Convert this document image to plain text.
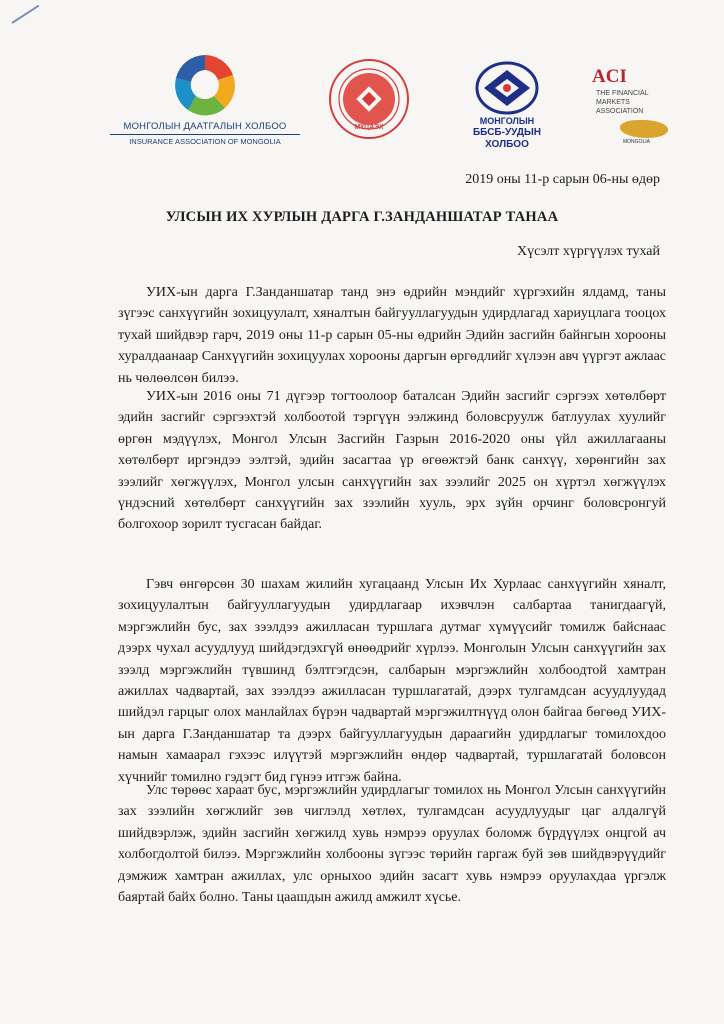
МОНГОЛЫН ДААТГАЛЫН ХОЛБОО
INSURANCE ASSOCIATION OF MONGOLIA
МҮЦАЭХ
МОНГОЛЫН
ББСБ-УУДЫН
ХОЛБОО
ACI
THE FINANCIAL MARKETS ASSOCIATION
MONGOLIA
2019 оны 11-р сарын 06-ны өдөр
УЛСЫН ИХ ХУРЛЫН ДАРГА Г.ЗАНДАНШАТАР ТАНАА
Хүсэлт хүргүүлэх тухай

УИХ-ын дарга Г.Занданшатар танд энэ өдрийн мэндийг хүргэхийн ялдамд, таны зүгээс санхүүгийн зохицуулалт, хяналтын байгууллагуудын удирдлагад хариуцлага тооцох тухай шийдвэр гарч, 2019 оны 11-р сарын 05-ны өдрийн Эдийн засгийн байнгын хорооны хуралдаанаар Санхүүгийн зохицуулах хорооны даргын өргөдлийг хүлээн авч үүргэт ажлаас нь чөлөөлсөн билээ.

УИХ-ын 2016 оны 71 дүгээр тогтоолоор баталсан Эдийн засгийг сэргээх хөтөлбөрт эдийн засгийг сэргээхтэй холбоотой тэргүүн ээлжинд боловсруулж батлуулах хуулийг өргөн мэдүүлэх, Монгол Улсын Засгийн Газрын 2016-2020 оны үйл ажиллагааны хөтөлбөрт иргэндээ ээлтэй, эдийн засагтаа үр өгөөжтэй банк санхүү, хөрөнгийн зах зээлийг хөгжүүлэх, Монгол улсын санхүүгийн зах зээлийг 2025 он хүртэл хөгжүүлэх үндэсний хөтөлбөрт санхүүгийн зах зээлийн хууль, эрх зүйн орчинг боловсронгуй болгохоор зорилт тусгасан байдаг.

Гэвч өнгөрсөн 30 шахам жилийн хугацаанд Улсын Их Хурлаас санхүүгийн хяналт, зохицуулалтын байгууллагуудын удирдлагаар ихэвчлэн салбартаа танигдаагүй, мэргэжлийн бус, зах зээлдээ ажилласан туршлага дутмаг хүмүүсийг томилж байснаас дээрх чухал асуудлууд шийдэгдэхгүй өнөөдрийг хүрлээ. Монголын Улсын санхүүгийн зах зээлд мэргэжлийн түвшинд бэлтгэгдсэн, салбарын мэргэжлийн холбоодтой хамтран ажиллах чадвартай, зах зээлдээ ажилласан туршлагатай, дээрх тулгамдсан асуудлуудад шийдэл гарцыг олох манлайлах бүрэн чадвартай мэргэжилтнүүд олон байгаа бөгөөд УИХ-ын дарга Г.Занданшатар та дээрх байгууллагуудын дараагийн удирдлагыг томилохдоо намын хамаарал гэхээс илүүтэй мэргэжлийн өндөр чадвартай, туршлагатай боловсон хүчнийг томилно гэдэгт бид гүнээ итгэж байна.

Улс төрөөс хараат бус, мэргэжлийн удирдлагыг томилох нь Монгол Улсын санхүүгийн зах зээлийн хөгжлийг зөв чиглэлд хөтлөх, тулгамдсан асуудлуудыг цаг алдалгүй шийдвэрлэж, эдийн засгийн хөгжилд хувь нэмрээ оруулах боломж бүрдүүлэх онцгой ач холбогдолтой билээ. Мэргэжлийн холбооны зүгээс төрийн гаргаж буй зөв шийдвэрүүдийг дэмжиж хамтран ажиллах, улс орныхоо эдийн засагт хувь нэмрээ оруулахдаа үргэлж баяртай байх болно. Таны цаашдын ажилд амжилт хүсье.
